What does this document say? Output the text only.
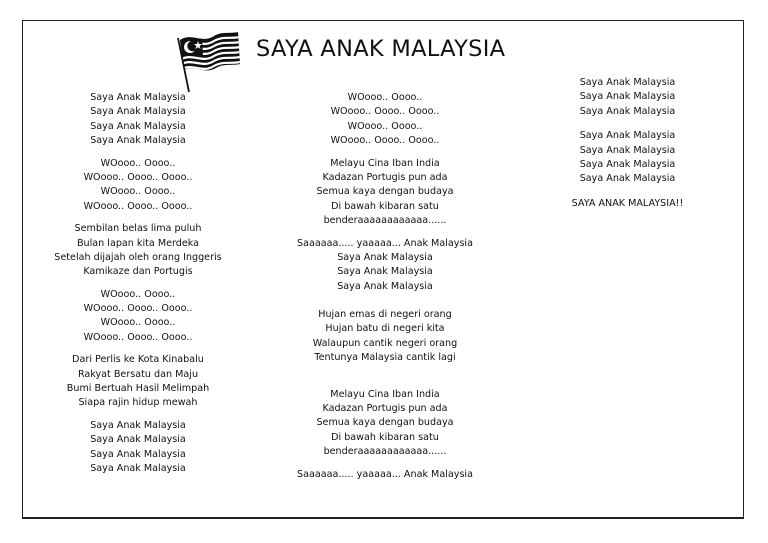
SAYA ANAK MALAYSIA
Saya Anak Malaysia
Saya Anak Malaysia
Saya Anak Malaysia
Saya Anak Malaysia
WOooo.. Oooo..
WOooo.. Oooo.. Oooo..
WOooo.. Oooo..
WOooo.. Oooo.. Oooo..
Sembilan belas lima puluh
Bulan lapan kita Merdeka
Setelah dijajah oleh orang Inggeris
Kamikaze dan Portugis
WOooo.. Oooo..
WOooo.. Oooo.. Oooo..
WOooo.. Oooo..
WOooo.. Oooo.. Oooo..
Dari Perlis ke Kota Kinabalu
Rakyat Bersatu dan Maju
Bumi Bertuah Hasil Melimpah
Siapa rajin hidup mewah
Saya Anak Malaysia
Saya Anak Malaysia
Saya Anak Malaysia
Saya Anak Malaysia
WOooo.. Oooo..
WOooo.. Oooo.. Oooo..
WOooo.. Oooo..
WOooo.. Oooo.. Oooo..
Melayu Cina Iban India
Kadazan Portugis pun ada
Semua kaya dengan budaya
Di bawah kibaran satu
benderaaaaaaaaaaaa......
Saaaaaa..... yaaaaa... Anak Malaysia
Saya Anak Malaysia
Saya Anak Malaysia
Saya Anak Malaysia
Hujan emas di negeri orang
Hujan batu di negeri kita
Walaupun cantik negeri orang
Tentunya Malaysia cantik lagi
Melayu Cina Iban India
Kadazan Portugis pun ada
Semua kaya dengan budaya
Di bawah kibaran satu
benderaaaaaaaaaaaa......
Saaaaaa..... yaaaaa... Anak Malaysia
Saya Anak Malaysia
Saya Anak Malaysia
Saya Anak Malaysia
Saya Anak Malaysia
Saya Anak Malaysia
Saya Anak Malaysia
Saya Anak Malaysia
SAYA ANAK MALAYSIA!!
